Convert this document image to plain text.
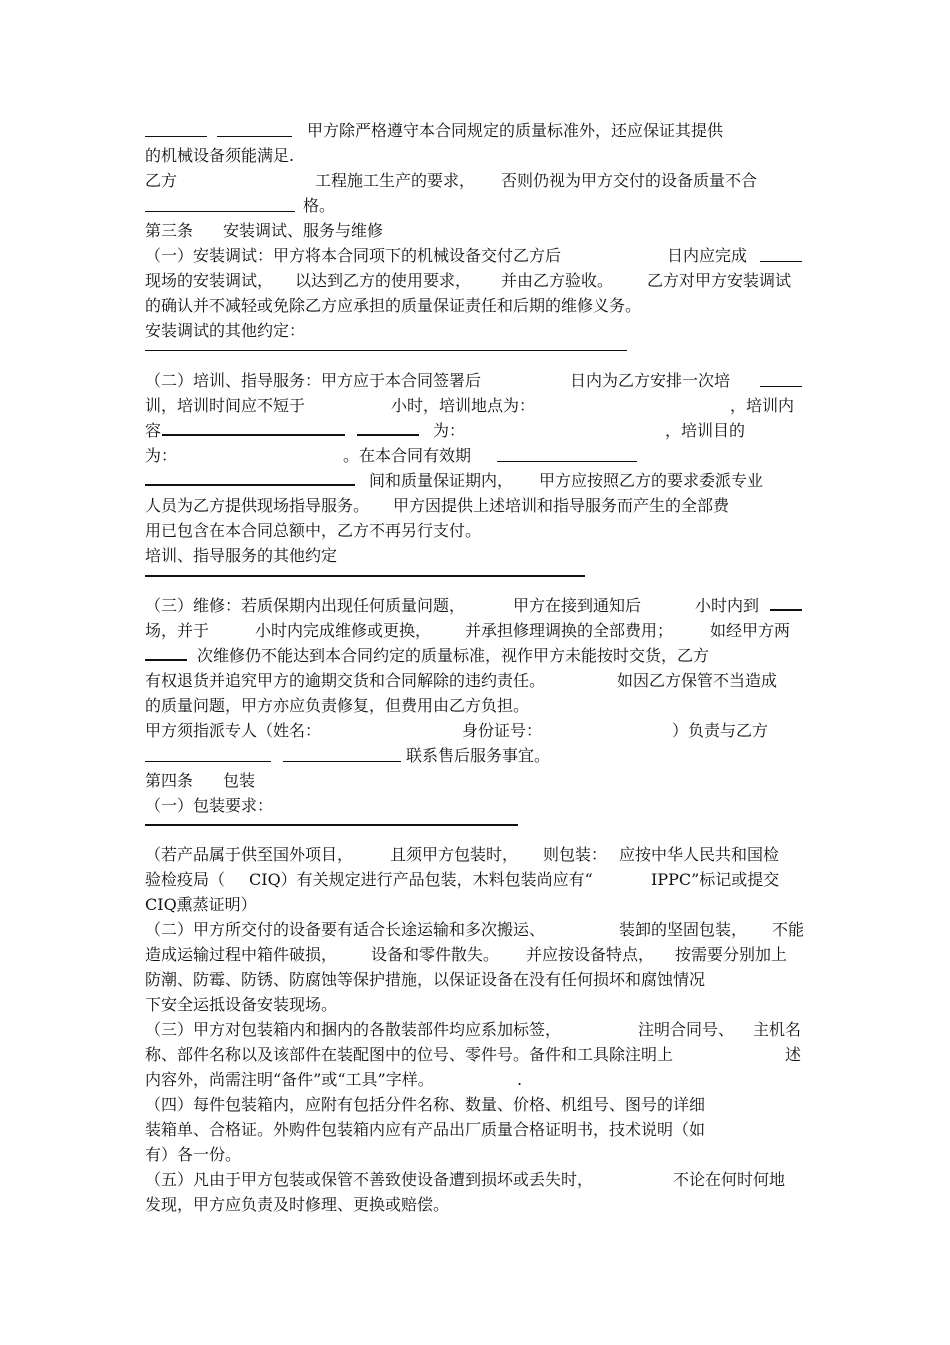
甲方除严格遵守本合同规定的质量标准外，还应保证其提供
的机械设备须能满足.
乙方	工程施工生产的要求， 否则仍视为甲方交付的设备质量不合
格。
第三条 安装调试、服务与维修
（一）安装调试：甲方将本合同项下的机械设备交付乙方后	日内应完成
现场的安装调试， 以达到乙方的使用要求， 并由乙方验收。 乙方对甲方安装调试
的确认并不减轻或免除乙方应承担的质量保证责任和后期的维修义务。
安装调试的其他约定：
（二）培训、指导服务：甲方应于本合同签署后	日内为乙方安排一次培
训，培训时间应不短于	小时，培训地点为：	，培训内
容	为：	，培训目的
为：	。在本合同有效期
间和质量保证期内， 甲方应按照乙方的要求委派专业
人员为乙方提供现场指导服务。 甲方因提供上述培训和指导服务而产生的全部费
用已包含在本合同总额中，乙方不再另行支付。
培训、指导服务的其他约定
（三）维修：若质保期内出现任何质量问题，	甲方在接到通知后	小时内到
场，并于	小时内完成维修或更换， 并承担修理调换的全部费用； 如经甲方两
次维修仍不能达到本合同约定的质量标准，视作甲方未能按时交货，乙方
有权退货并追究甲方的逾期交货和合同解除的违约责任。	如因乙方保管不当造成
的质量问题，甲方亦应负责修复，但费用由乙方负担。
甲方须指派专人（姓名：	身份证号：	）负责与乙方
联系售后服务事宜。
第四条 包装
（一）包装要求：
（若产品属于供至国外项目， 且须甲方包装时， 则包装： 应按中华人民共和国检
验检疫局（ CIQ）有关规定进行产品包装，木料包装尚应有“	IPPC”标记或提交
CIQ熏蒸证明）
（二）甲方所交付的设备要有适合长途运输和多次搬运、	装卸的坚固包装， 不能
造成运输过程中箱件破损， 设备和零件散失。 并应按设备特点， 按需要分别加上
防潮、防霉、防锈、防腐蚀等保护措施，以保证设备在没有任何损坏和腐蚀情况
下安全运抵设备安装现场。
（三）甲方对包装箱内和捆内的各散装部件均应系加标签，	注明合同号、 主机名
称、部件名称以及该部件在装配图中的位号、零件号。备件和工具除注明上	述
内容外，尚需注明“备件”或“工具”字样。	.
（四）每件包装箱内，应附有包括分件名称、数量、价格、机组号、图号的详细
装箱单、合格证。外购件包装箱内应有产品出厂质量合格证明书，技术说明（如
有）各一份。
（五）凡由于甲方包装或保管不善致使设备遭到损坏或丢失时，	不论在何时何地
发现，甲方应负责及时修理、更换或赔偿。
